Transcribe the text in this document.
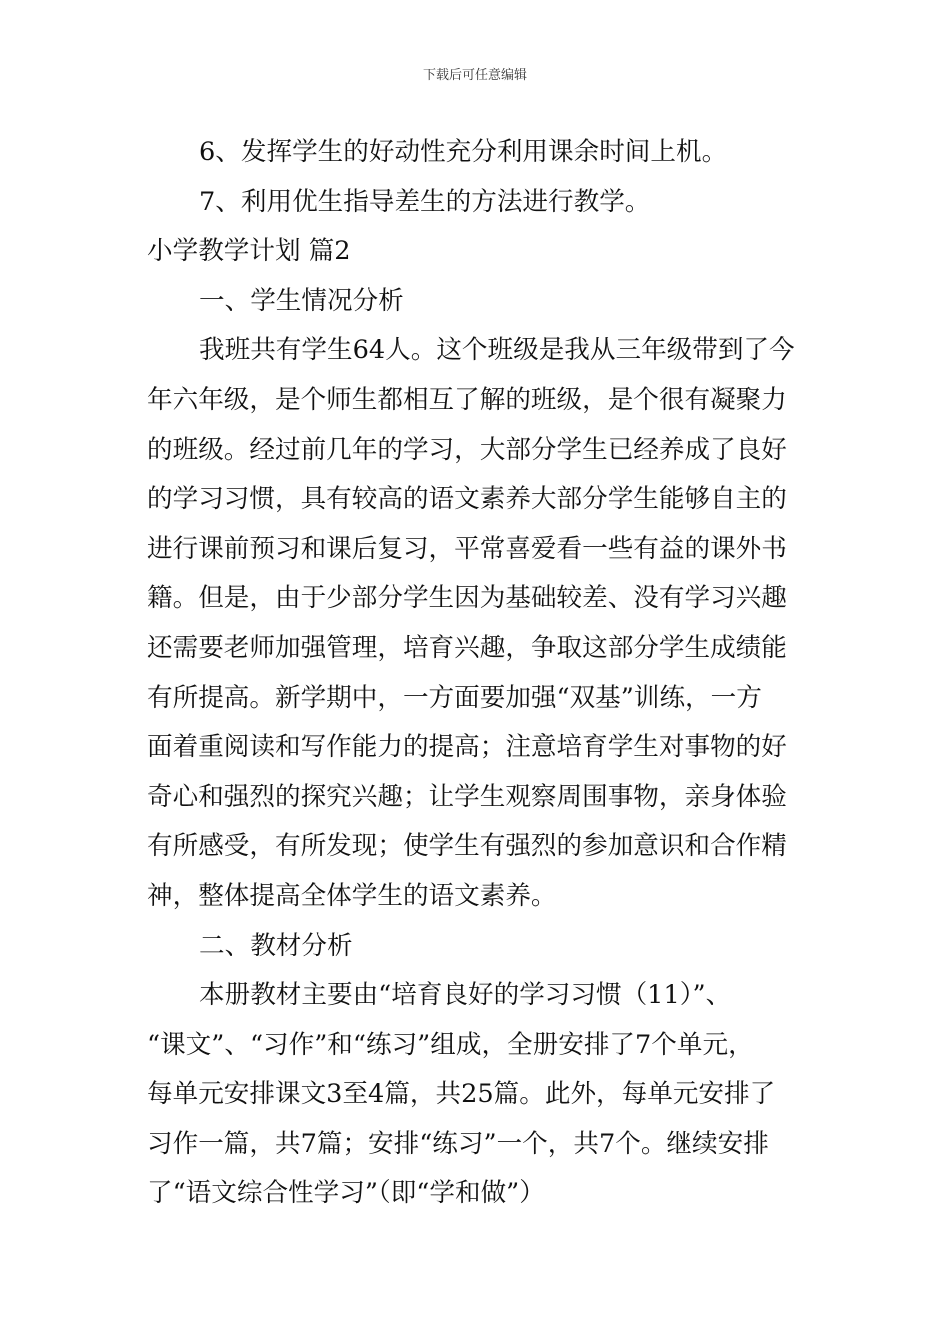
下载后可任意编辑
6、发挥学生的好动性充分利用课余时间上机。
7、利用优生指导差生的方法进行教学。
小学教学计划 篇2
一、学生情况分析
我班共有学生64人。这个班级是我从三年级带到了今
年六年级，是个师生都相互了解的班级，是个很有凝聚力
的班级。经过前几年的学习，大部分学生已经养成了良好
的学习习惯，具有较高的语文素养大部分学生能够自主的
进行课前预习和课后复习，平常喜爱看一些有益的课外书
籍。但是，由于少部分学生因为基础较差、没有学习兴趣
还需要老师加强管理，培育兴趣，争取这部分学生成绩能
有所提高。新学期中，一方面要加强“双基”训练，一方
面着重阅读和写作能力的提高；注意培育学生对事物的好
奇心和强烈的探究兴趣；让学生观察周围事物，亲身体验
有所感受，有所发现；使学生有强烈的参加意识和合作精
神，整体提高全体学生的语文素养。
二、教材分析
本册教材主要由“培育良好的学习习惯（11）”、
“课文”、“习作”和“练习”组成，全册安排了7个单元，
每单元安排课文3至4篇，共25篇。此外，每单元安排了
习作一篇，共7篇；安排“练习”一个，共7个。继续安排
了“语文综合性学习”（即“学和做”）
